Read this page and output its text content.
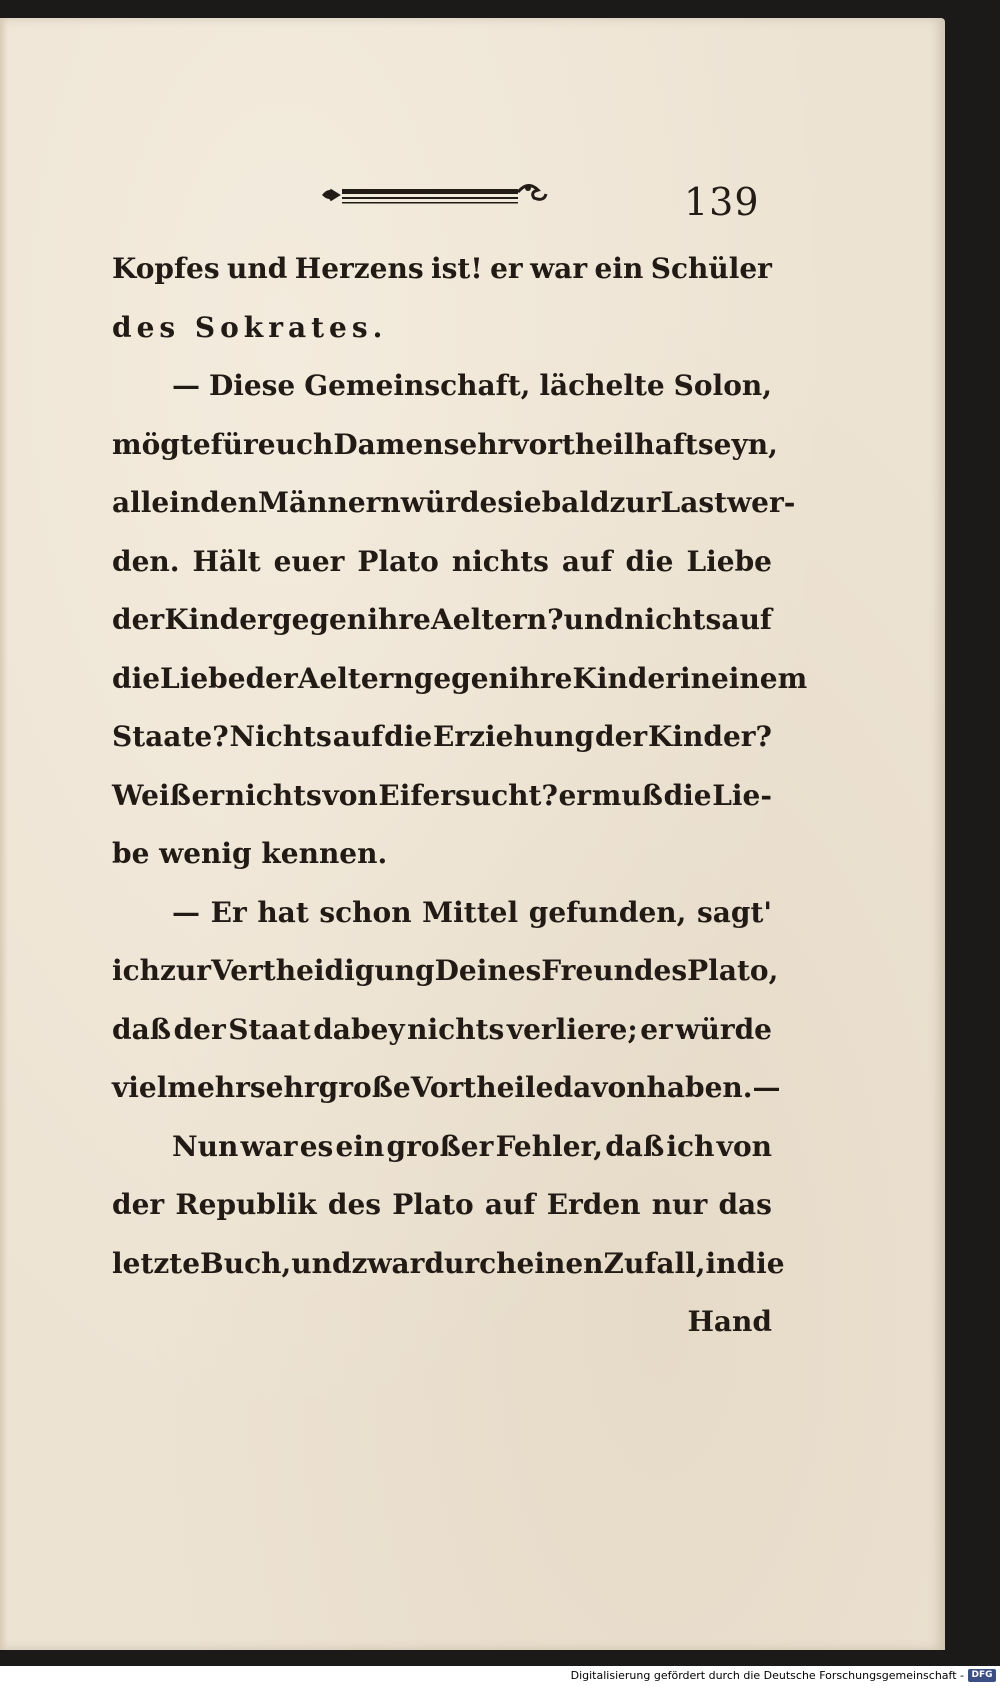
139
Kopfes und Herzens ist! er war ein Schüler
des Sokrates.
— Diese Gemeinschaft, lächelte Solon,
mögte für euch Damen sehr vortheilhaft seyn,
allein den Männern würde sie bald zur Last wer-
den. Hält euer Plato nichts auf die Liebe
der Kinder gegen ihre Aeltern? und nichts auf
die Liebe der Aeltern gegen ihre Kinder in einem
Staate? Nichts auf die Erziehung der Kinder?
Weiß er nichts von Eifersucht? er muß die Lie-
be wenig kennen.
— Er hat schon Mittel gefunden, sagt'
ich zur Vertheidigung Deines Freundes Plato,
daß der Staat dabey nichts verliere; er würde
vielmehr sehr große Vortheile davon haben. —
Nun war es ein großer Fehler, daß ich von
der Republik des Plato auf Erden nur das
letzte Buch, und zwar durch einen Zufall, in die
Hand
Digitalisierung gefördert durch die Deutsche Forschungsgemeinschaft - DFG
